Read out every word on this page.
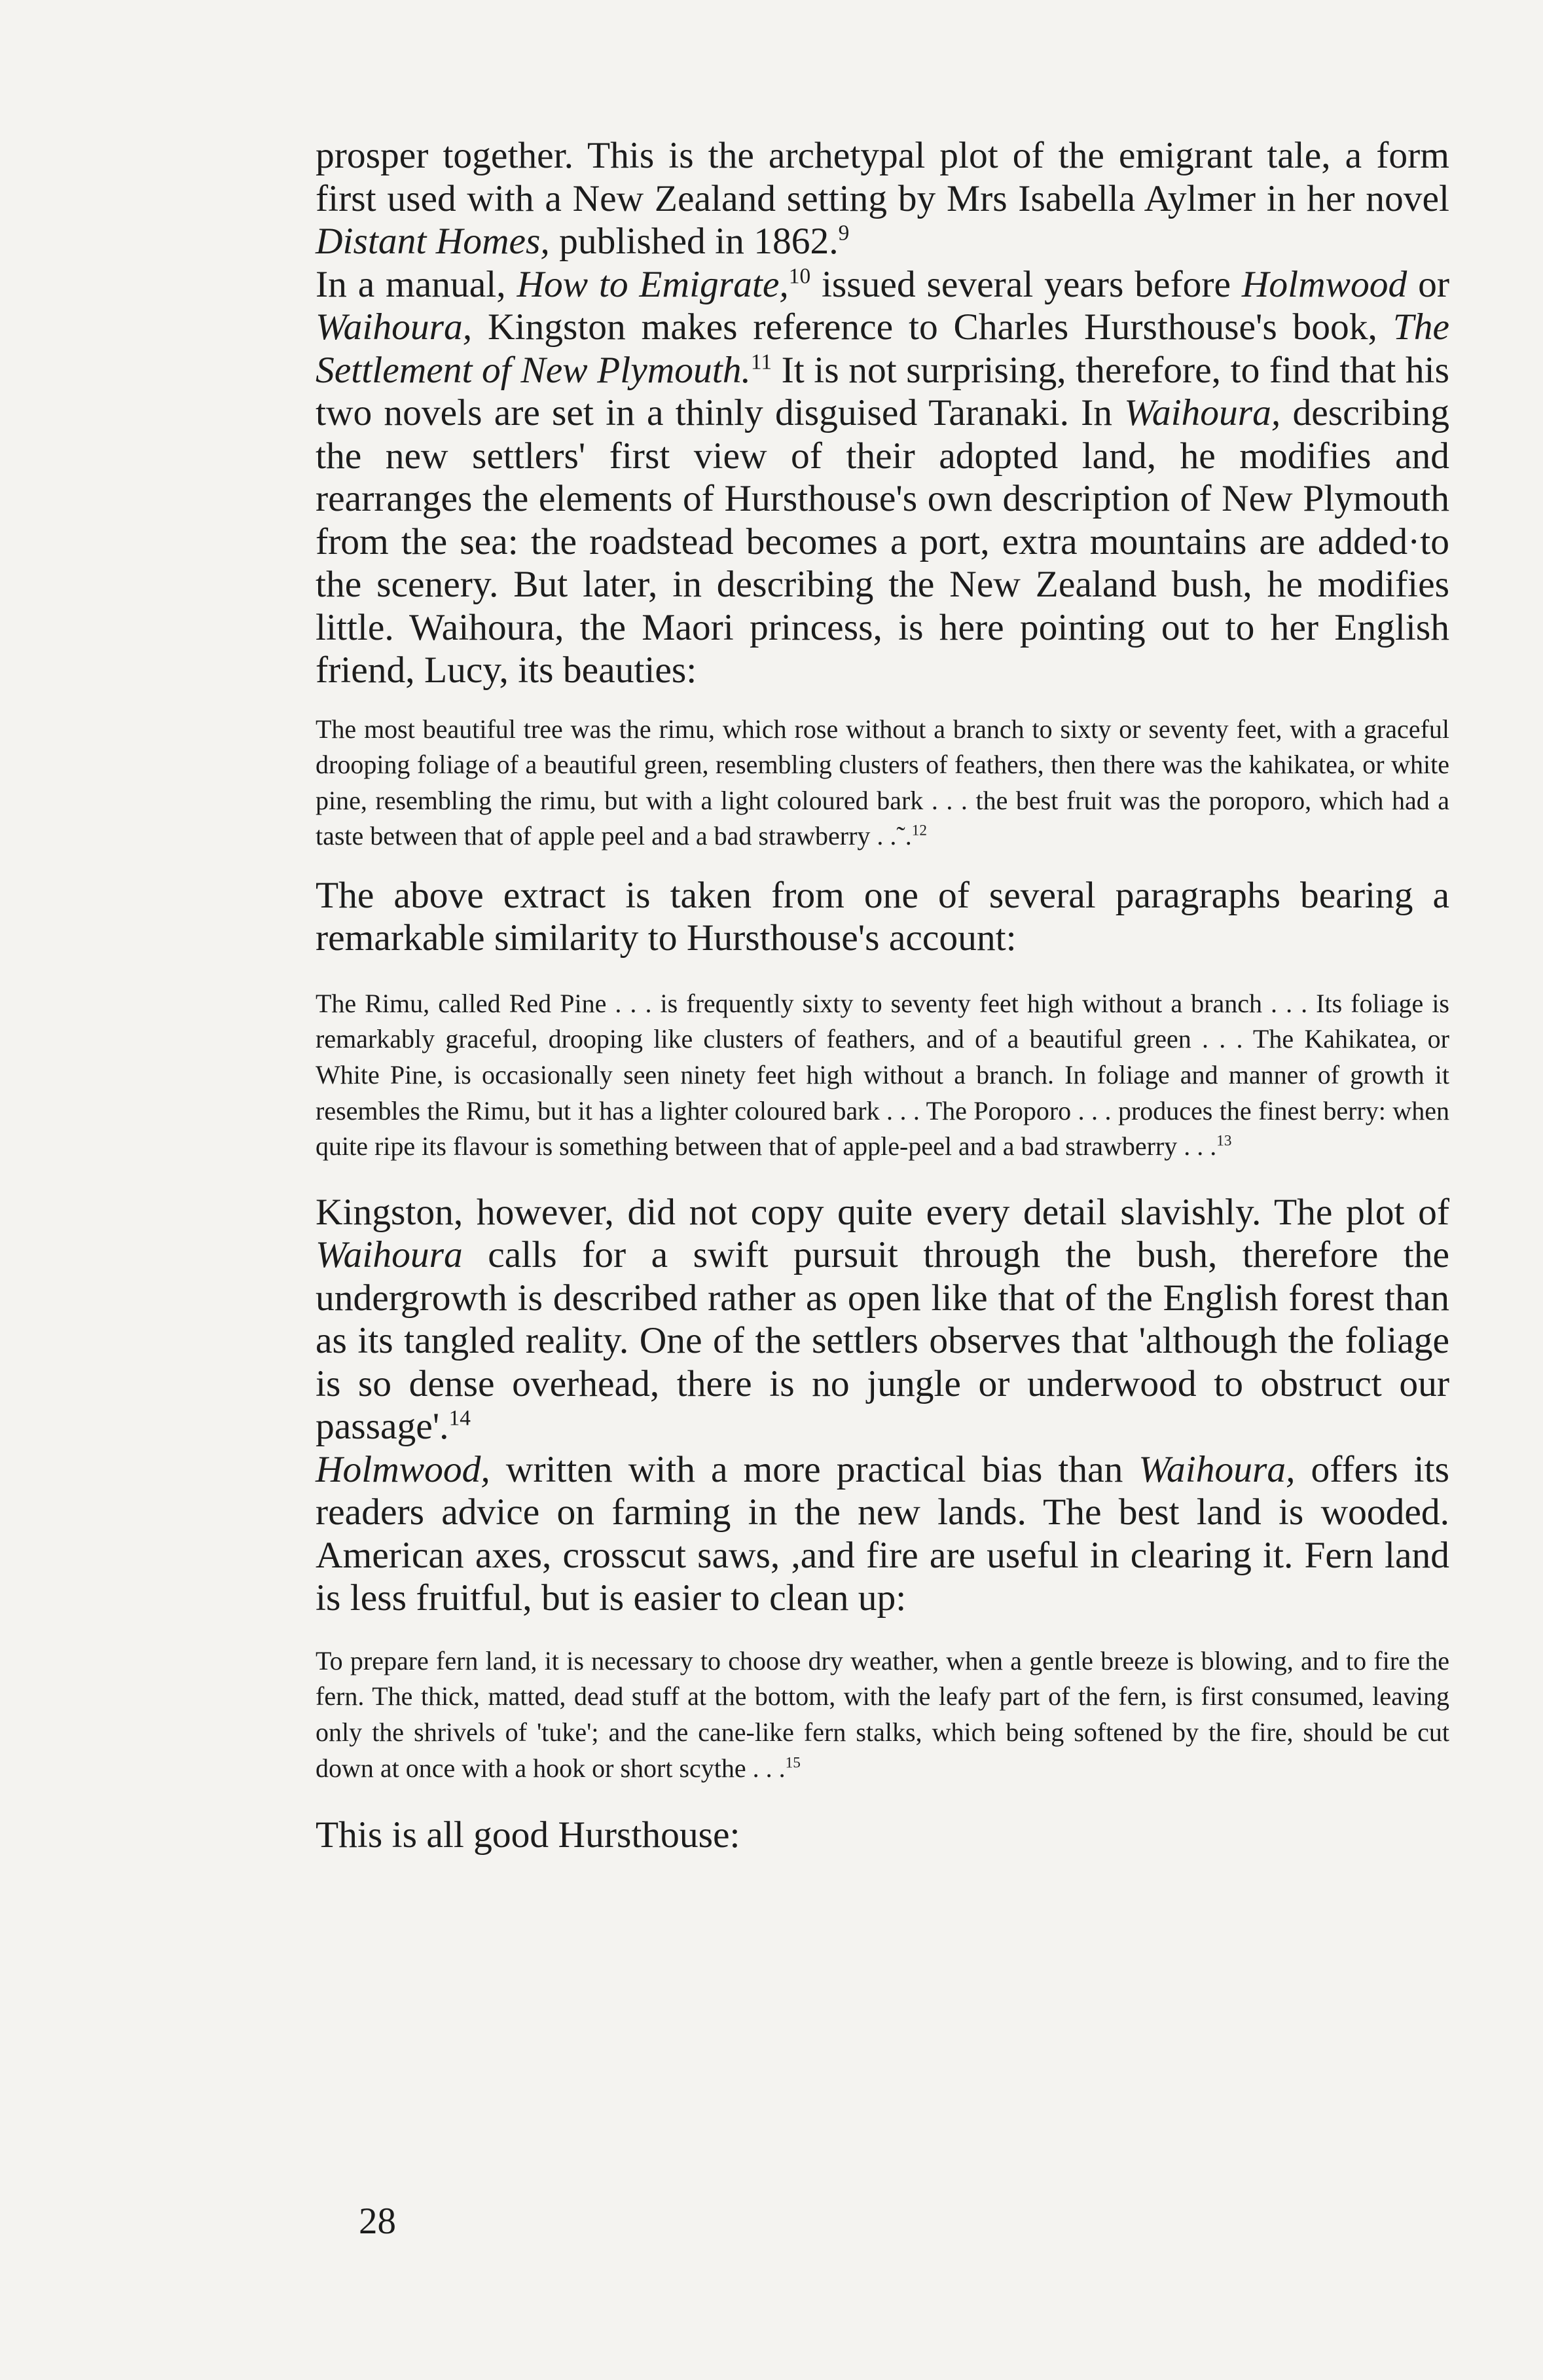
prosper together. This is the archetypal plot of the emigrant tale, a form first used with a New Zealand setting by Mrs Isabella Aylmer in her novel Distant Homes, published in 1862.$^9$

In a manual, How to Emigrate,$^{10}$ issued several years before Holmwood or Waihoura, Kingston makes reference to Charles Hursthouse's book, The Settlement of New Plymouth.$^{11}$ It is not surprising, therefore, to find that his two novels are set in a thinly disguised Taranaki. In Waihoura, describing the new settlers' first view of their adopted land, he modifies and rearranges the elements of Hursthouse's own description of New Plymouth from the sea: the roadstead becomes a port, extra mountains are added·to the scenery. But later, in describing the New Zealand bush, he modifies little. Waihoura, the Maori princess, is here pointing out to her English friend, Lucy, its beauties:

The most beautiful tree was the rimu, which rose without a branch to sixty or seventy feet, with a graceful drooping foliage of a beautiful green, resembling clusters of feathers, then there was the kahikatea, or white pine, resembling the rimu, but with a light coloured bark . . . the best fruit was the poroporo, which had a taste between that of apple peel and a bad strawberry . .˜.$^{12}$

The above extract is taken from one of several paragraphs bearing a remarkable similarity to Hursthouse's account:

The Rimu, called Red Pine . . . is frequently sixty to seventy feet high without a branch . . . Its foliage is remarkably graceful, drooping like clusters of feathers, and of a beautiful green . . . The Kahikatea, or White Pine, is occasionally seen ninety feet high without a branch. In foliage and manner of growth it resembles the Rimu, but it has a lighter coloured bark . . . The Poroporo . . . produces the finest berry: when quite ripe its flavour is something between that of apple-peel and a bad strawberry . . .$^{13}$

Kingston, however, did not copy quite every detail slavishly. The plot of Waihoura calls for a swift pursuit through the bush, therefore the undergrowth is described rather as open like that of the English forest than as its tangled reality. One of the settlers observes that 'although the foliage is so dense overhead, there is no jungle or underwood to obstruct our passage'.$^{14}$

Holmwood, written with a more practical bias than Waihoura, offers its readers advice on farming in the new lands. The best land is wooded. American axes, crosscut saws, ,and fire are useful in clearing it. Fern land is less fruitful, but is easier to clean up:

To prepare fern land, it is necessary to choose dry weather, when a gentle breeze is blowing, and to fire the fern. The thick, matted, dead stuff at the bottom, with the leafy part of the fern, is first consumed, leaving only the shrivels of 'tuke'; and the cane-like fern stalks, which being softened by the fire, should be cut down at once with a hook or short scythe . . .$^{15}$

This is all good Hursthouse:

28
